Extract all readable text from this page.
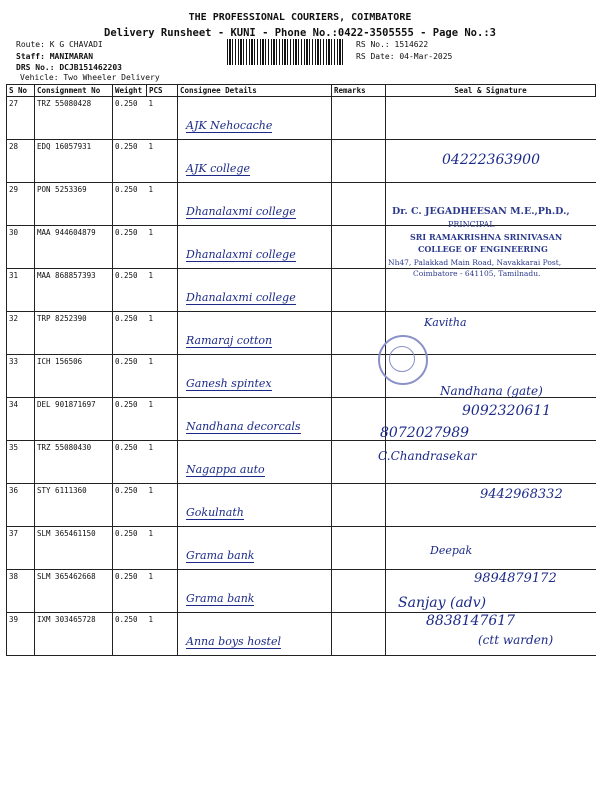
THE PROFESSIONAL COURIERS, COIMBATORE
Delivery Runsheet - KUNI - Phone No.:0422-3505555 - Page No.:3
Route: K G CHAVADI
Staff: MANIMARAN
DRS No.: DCJB151462203
Vehicle: Two Wheeler Delivery
RS No.: 1514622
RS Date: 04-Mar-2025
S No	Consignment No	Weight	PCS	Consignee Details	Remarks	Seal & Signature
27	TRZ 55080428	0.250	1	AJK Nehocache		

28	EDQ 16057931	0.250	1	AJK college		

29	PON 5253369	0.250	1	Dhanalaxmi college		

30	MAA 944604879	0.250	1	Dhanalaxmi college		

31	MAA 868857393	0.250	1	Dhanalaxmi college		

32	TRP 8252390	0.250	1	Ramaraj cotton		

33	ICH 156506	0.250	1	Ganesh spintex		

34	DEL 901871697	0.250	1	Nandhana decorcals		

35	TRZ 55080430	0.250	1	Nagappa auto		

36	STY 6111360	0.250	1	Gokulnath		

37	SLM 365461150	0.250	1	Grama bank		

38	SLM 365462668	0.250	1	Grama bank		

39	IXM 303465728	0.250	1	Anna boys hostel		

Dr. C. JEGADHEESAN M.E.,Ph.D.,
PRINCIPAL
SRI RAMAKRISHNA SRINIVASAN
COLLEGE OF ENGINEERING
Nh47, Palakkad Main Road, Navakkarai Post,
Coimbatore - 641105, Tamilnadu.
04222363900
Kavitha
Nandhana (gate)
9092320611
8072027989
C.Chandrasekar
9442968332
Deepak
9894879172
Sanjay (adv)
8838147617
(ctt warden)
